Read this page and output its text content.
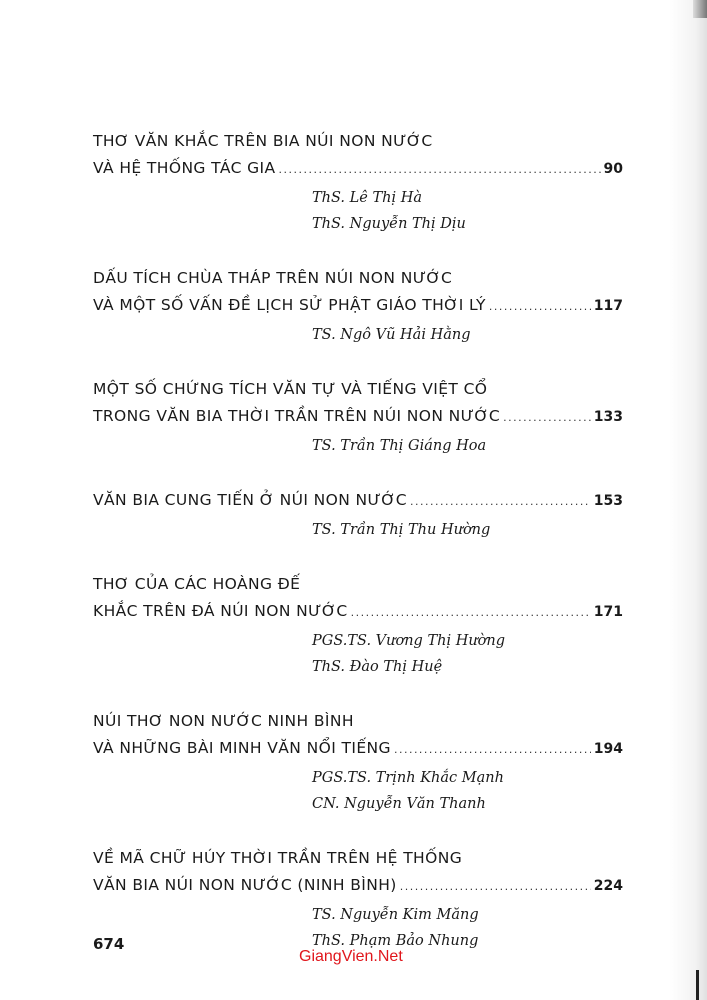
THƠ VĂN KHẮC TRÊN BIA NÚI NON NƯỚC
VÀ HỆ THỐNG TÁC GIA .....	90
ThS. Lê Thị Hà
ThS. Nguyễn Thị Dịu
DẤU TÍCH CHÙA THÁP TRÊN NÚI NON NƯỚC
VÀ MỘT SỐ VẤN ĐỀ LỊCH SỬ PHẬT GIÁO THỜI LÝ .....	117
TS. Ngô Vũ Hải Hằng
MỘT SỐ CHỨNG TÍCH VĂN TỰ VÀ TIẾNG VIỆT CỔ
TRONG VĂN BIA THỜI TRẦN TRÊN NÚI NON NƯỚC .....	133
TS. Trần Thị Giáng Hoa
VĂN BIA CUNG TIẾN Ở NÚI NON NƯỚC .....	153
TS. Trần Thị Thu Hường
THƠ CỦA CÁC HOÀNG ĐẾ
KHẮC TRÊN ĐÁ NÚI NON NƯỚC .....	171
PGS.TS. Vương Thị Hường
ThS. Đào Thị Huệ
NÚI THƠ NON NƯỚC NINH BÌNH
VÀ NHỮNG BÀI MINH VĂN NỔI TIẾNG .....	194
PGS.TS. Trịnh Khắc Mạnh
CN. Nguyễn Văn Thanh
VỀ MÃ CHỮ HÚY THỜI TRẦN TRÊN HỆ THỐNG
VĂN BIA NÚI NON NƯỚC (NINH BÌNH) .....	224
TS. Nguyễn Kim Măng
ThS. Phạm Bảo Nhung
674
GiangVien.Net
